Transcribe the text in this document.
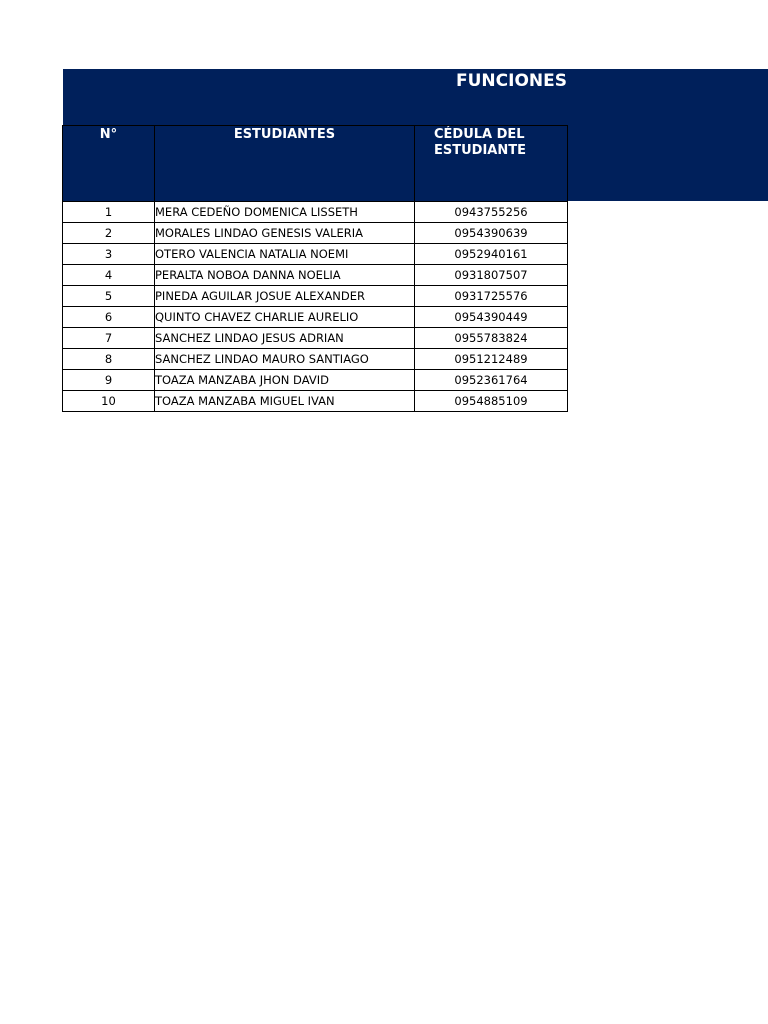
FUNCIONES
N°	ESTUDIANTES	CÉDULA DEL ESTUDIANTE
1	MERA CEDEÑO DOMENICA LISSETH	0943755256
2	MORALES LINDAO GENESIS VALERIA	0954390639
3	OTERO VALENCIA NATALIA NOEMI	0952940161
4	PERALTA NOBOA DANNA NOELIA	0931807507
5	PINEDA AGUILAR JOSUE ALEXANDER	0931725576
6	QUINTO CHAVEZ CHARLIE AURELIO	0954390449
7	SANCHEZ LINDAO JESUS ADRIAN	0955783824
8	SANCHEZ LINDAO MAURO SANTIAGO	0951212489
9	TOAZA MANZABA JHON DAVID	0952361764
10	TOAZA MANZABA MIGUEL IVAN	0954885109
